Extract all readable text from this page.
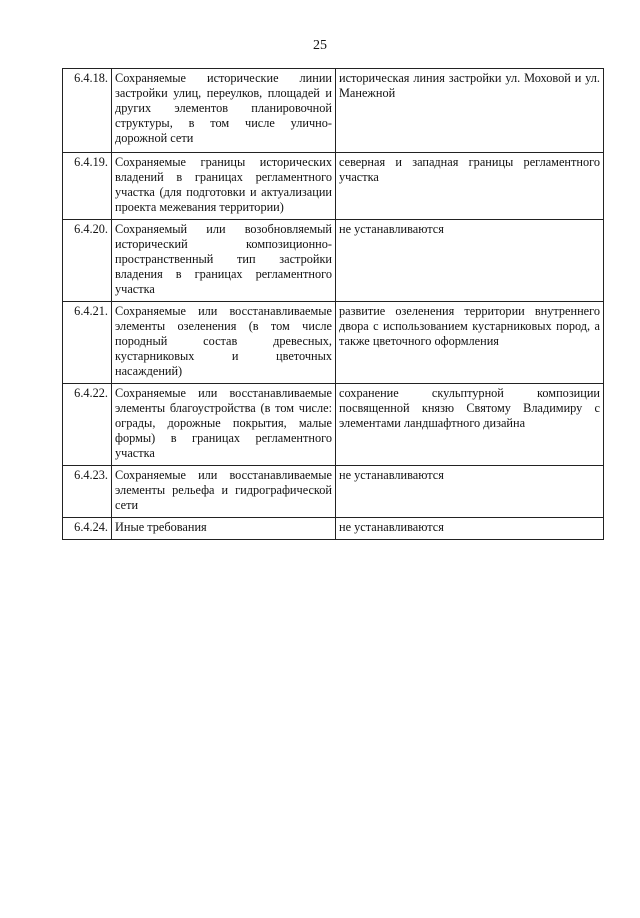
25
6.4.18.	Сохраняемые исторические линии застройки улиц, переулков, площадей и других элементов планировочной структуры, в том числе улично-дорожной сети	историческая линия застройки ул. Моховой и ул. Манежной
6.4.19.	Сохраняемые границы исторических владений в границах регламентного участка (для подготовки и актуализации проекта межевания территории)	северная и западная границы регламентного участка
6.4.20.	Сохраняемый или возобновляемый исторический композиционно-пространственный тип застройки владения в границах регламентного участка	не устанавливаются
6.4.21.	Сохраняемые или восстанавливаемые элементы озеленения (в том числе породный состав древесных, кустарниковых и цветочных насаждений)	развитие озеленения территории внутреннего двора с использованием кустарниковых пород, а также цветочного оформления
6.4.22.	Сохраняемые или восстанавливаемые элементы благоустройства (в том числе: ограды, дорожные покрытия, малые формы) в границах регламентного участка	сохранение скульптурной композиции посвященной князю Святому Владимиру с элементами ландшафтного дизайна
6.4.23.	Сохраняемые или восстанавливаемые элементы рельефа и гидрографической сети	не устанавливаются
6.4.24.	Иные требования	не устанавливаются
